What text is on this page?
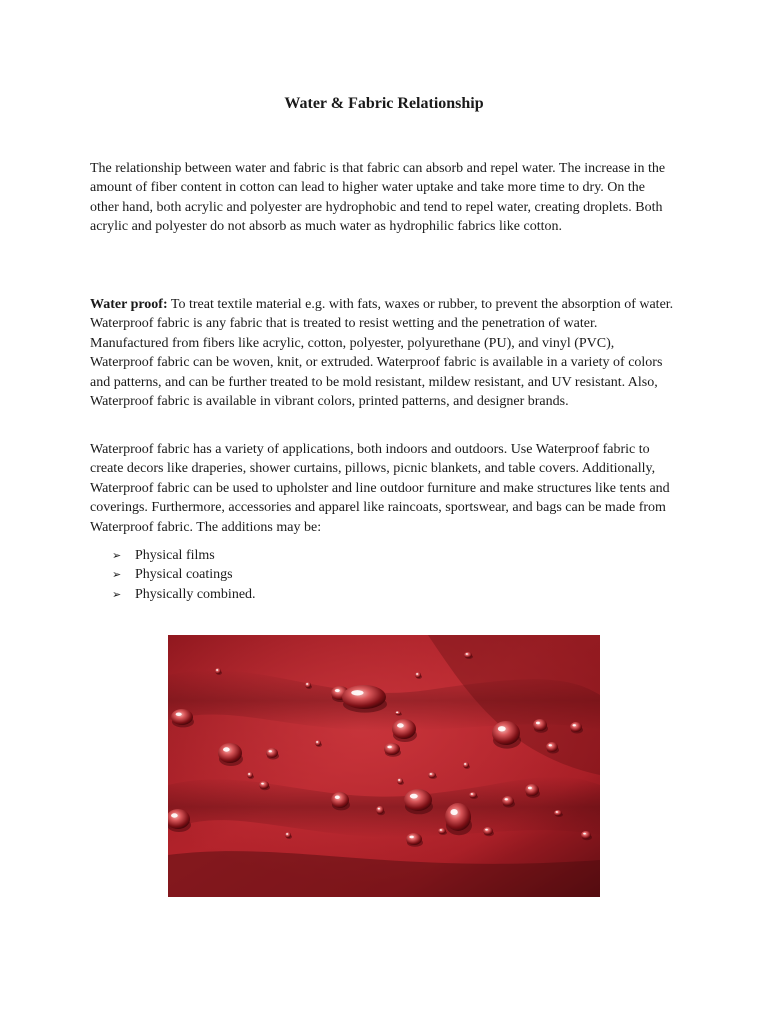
Water & Fabric Relationship

The relationship between water and fabric is that fabric can absorb and repel water. The increase in the amount of fiber content in cotton can lead to higher water uptake and take more time to dry. On the other hand, both acrylic and polyester are hydrophobic and tend to repel water, creating droplets. Both acrylic and polyester do not absorb as much water as hydrophilic fabrics like cotton.

Water proof: To treat textile material e.g. with fats, waxes or rubber, to prevent the absorption of water. Waterproof fabric is any fabric that is treated to resist wetting and the penetration of water. Manufactured from fibers like acrylic, cotton, polyester, polyurethane (PU), and vinyl (PVC), Waterproof fabric can be woven, knit, or extruded. Waterproof fabric is available in a variety of colors and patterns, and can be further treated to be mold resistant, mildew resistant, and UV resistant. Also, Waterproof fabric is available in vibrant colors, printed patterns, and designer brands.

Waterproof fabric has a variety of applications, both indoors and outdoors. Use Waterproof fabric to create decors like draperies, shower curtains, pillows, picnic blankets, and table covers. Additionally, Waterproof fabric can be used to upholster and line outdoor furniture and make structures like tents and coverings. Furthermore, accessories and apparel like raincoats, sportswear, and bags can be made from Waterproof fabric. The additions may be:

➢ Physical films
➢ Physical coatings
➢ Physically combined.
